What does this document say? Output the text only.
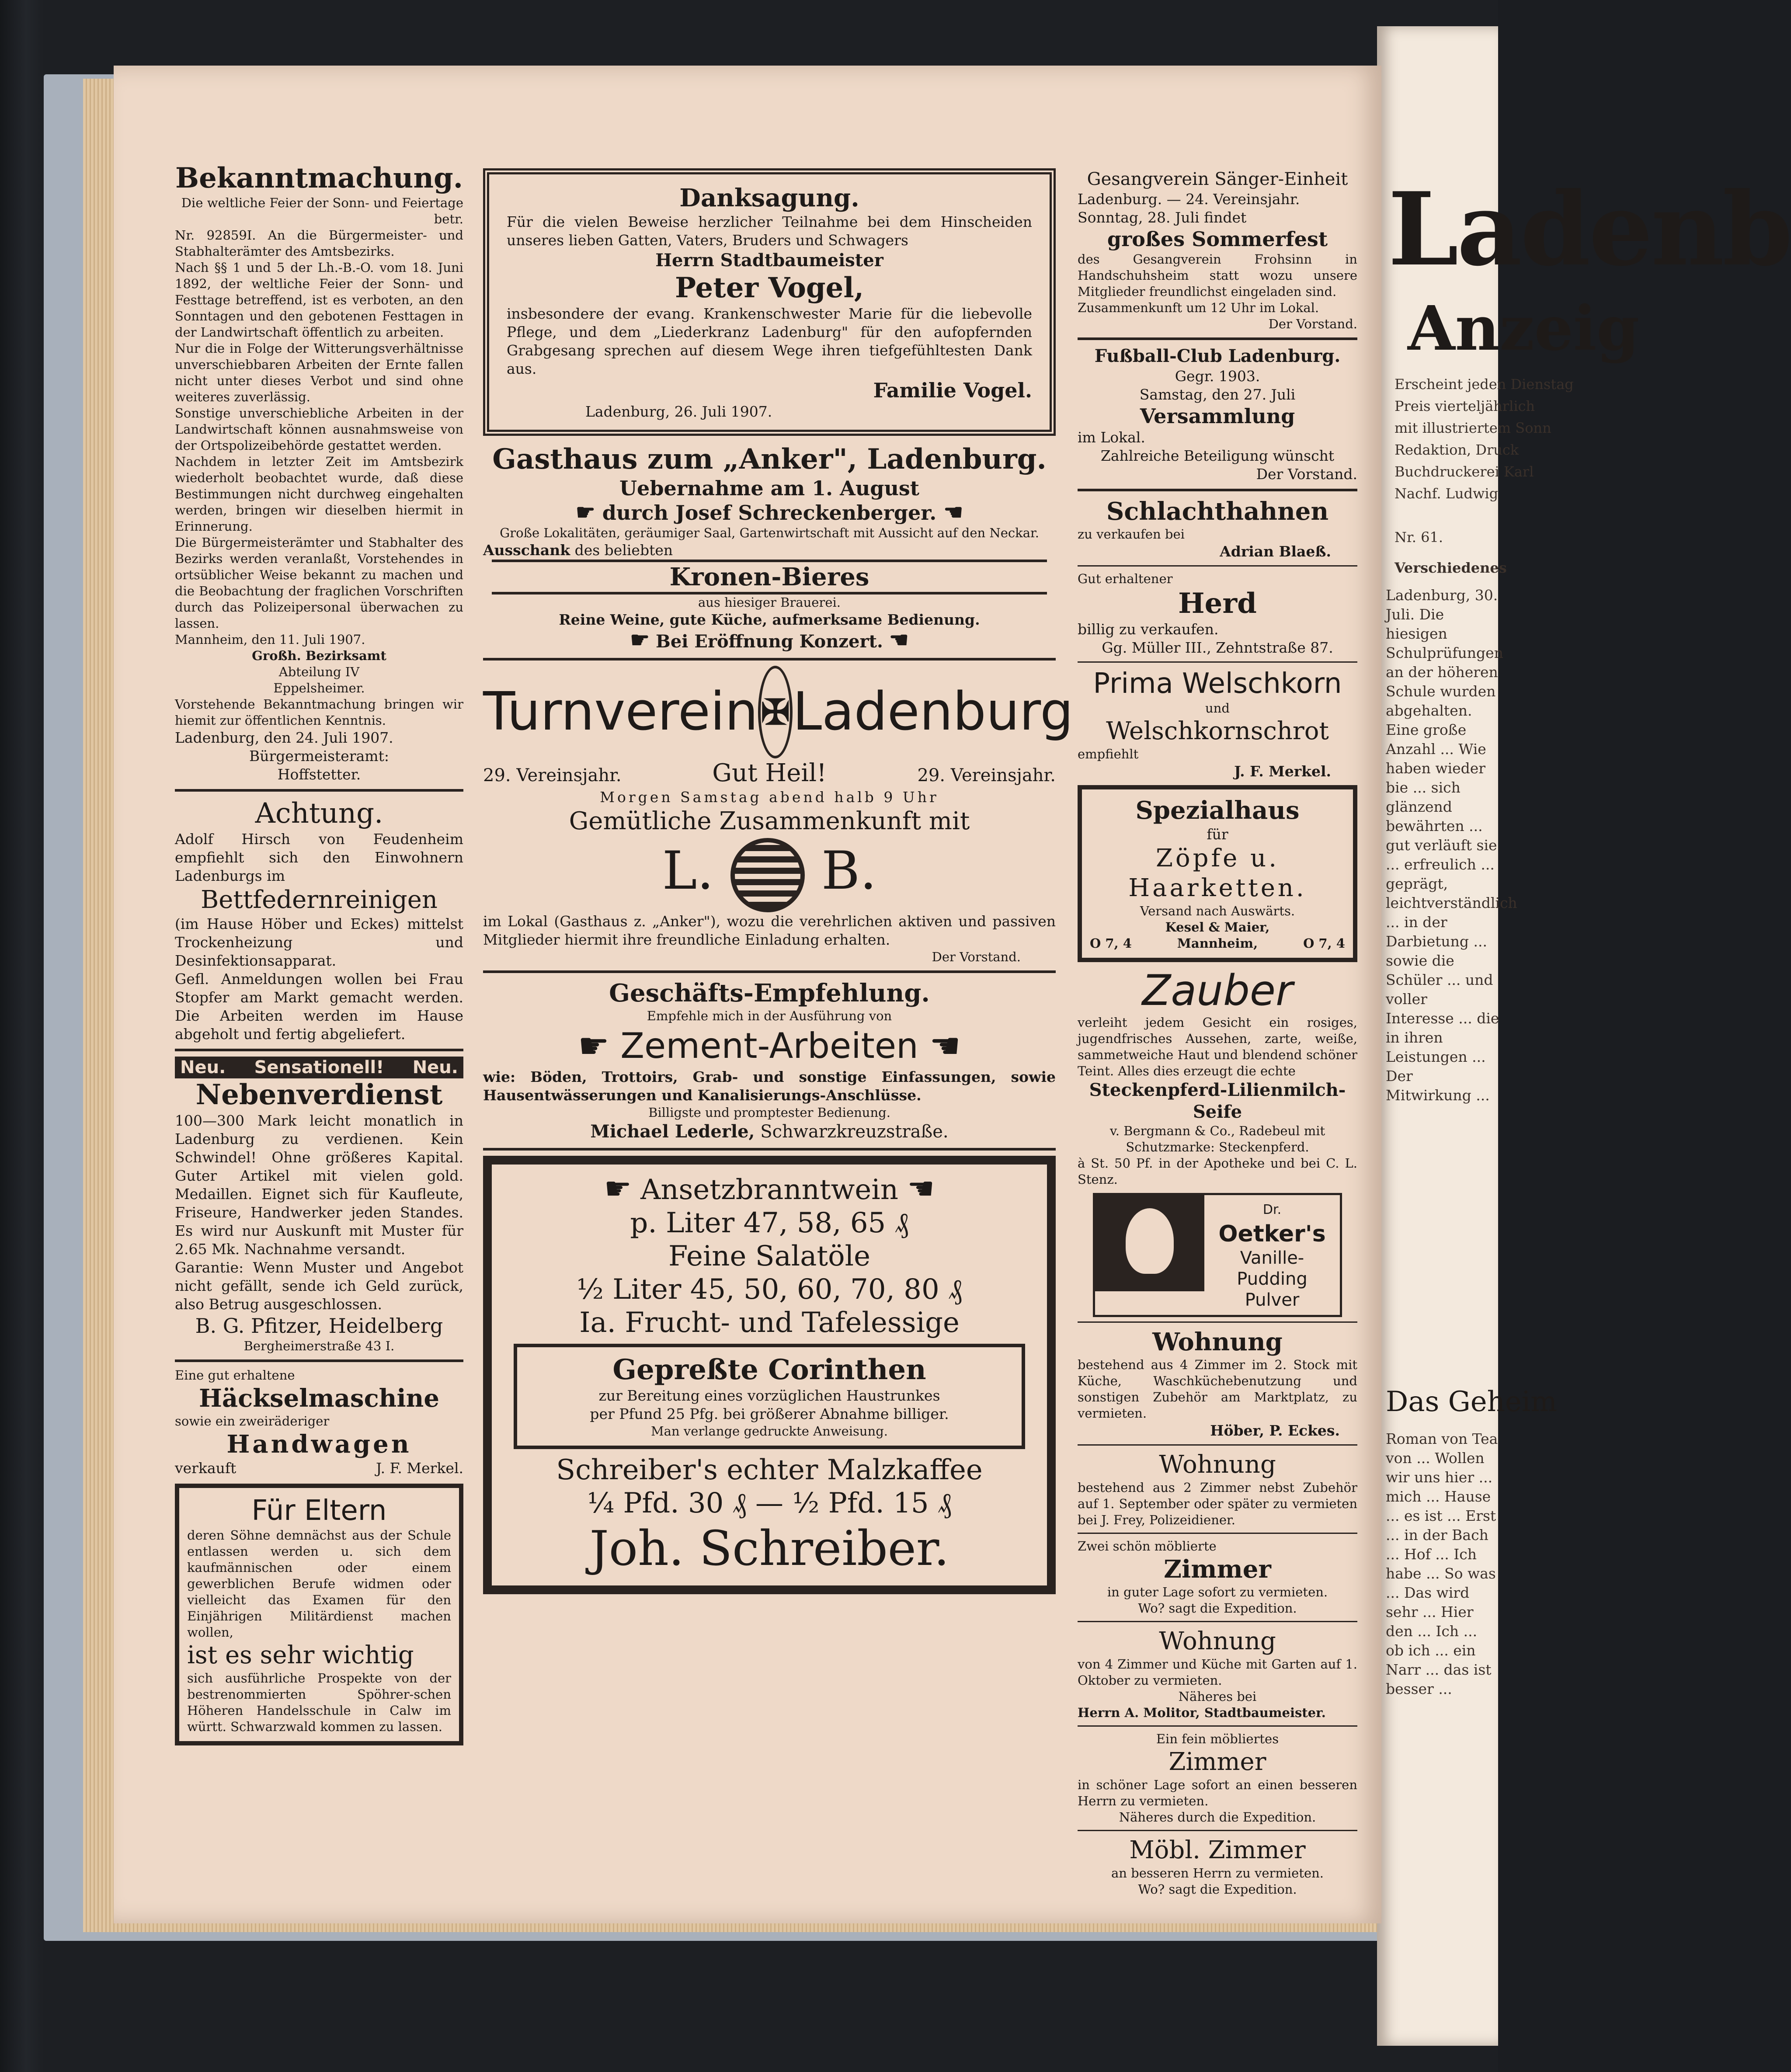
Ladenb
Anzeig
Erscheint jeden Dienstag
Preis vierteljährlich
mit illustriertem Sonn
Redaktion, Druck
Buchdruckerei Karl
Nachf. Ludwig
Nr. 61.
Verschiedenes
Ladenburg, 30. Juli. Die hiesigen Schulprüfungen an der höheren Schule wurden abgehalten. Eine große Anzahl ... Wie haben wieder bie ... sich glänzend bewährten ... gut verläuft sie ... erfreulich ... geprägt, leichtverständlich ... in der Darbietung ... sowie die Schüler ... und voller Interesse ... die in ihren Leistungen ... Der Mitwirkung ...
Das Geheim
Roman von Tea von ... Wollen wir uns hier ... mich ... Hause ... es ist ... Erst ... in der Bach ... Hof ... Ich habe ... So was ... Das wird sehr ... Hier den ... Ich ... ob ich ... ein Narr ... das ist besser ...
Bekanntmachung.
Die weltliche Feier der Sonn- und Feiertage betr.
Nr. 92859I. An die Bürgermeister- und Stabhalterämter des Amtsbezirks.
Nach §§ 1 und 5 der Lh.-B.-O. vom 18. Juni 1892, der weltliche Feier der Sonn- und Festtage betreffend, ist es verboten, an den Sonntagen und den gebotenen Festtagen in der Landwirtschaft öffentlich zu arbeiten.
Nur die in Folge der Witterungsverhältnisse unverschiebbaren Arbeiten der Ernte fallen nicht unter dieses Verbot und sind ohne weiteres zuverlässig.
Sonstige unverschiebliche Arbeiten in der Landwirtschaft können ausnahmsweise von der Ortspolizeibehörde gestattet werden.
Nachdem in letzter Zeit im Amtsbezirk wiederholt beobachtet wurde, daß diese Bestimmungen nicht durchweg eingehalten werden, bringen wir dieselben hiermit in Erinnerung.
Die Bürgermeisterämter und Stabhalter des Bezirks werden veranlaßt, Vorstehendes in ortsüblicher Weise bekannt zu machen und die Beobachtung der fraglichen Vorschriften durch das Polizeipersonal überwachen zu lassen.
Mannheim, den 11. Juli 1907.
Großh. Bezirksamt
Abteilung IV
Eppelsheimer.
Vorstehende Bekanntmachung bringen wir hiemit zur öffentlichen Kenntnis.
Ladenburg, den 24. Juli 1907.
Bürgermeisteramt:
Hoffstetter.
Achtung.
Adolf Hirsch von Feudenheim empfiehlt sich den Einwohnern Ladenburgs im
Bettfedernreinigen
(im Hause Höber und Eckes) mittelst Trockenheizung und Desinfektionsapparat.
Gefl. Anmeldungen wollen bei Frau Stopfer am Markt gemacht werden. Die Arbeiten werden im Hause abgeholt und fertig abgeliefert.
Neu. Sensationell! Neu.
Nebenverdienst
100—300 Mark leicht monatlich in Ladenburg zu verdienen. Kein Schwindel! Ohne größeres Kapital. Guter Artikel mit vielen gold. Medaillen. Eignet sich für Kaufleute, Friseure, Handwerker jeden Standes. Es wird nur Auskunft mit Muster für 2.65 Mk. Nachnahme versandt.
Garantie: Wenn Muster und Angebot nicht gefällt, sende ich Geld zurück, also Betrug ausgeschlossen.
B. G. Pfitzer, Heidelberg
Bergheimerstraße 43 I.
Eine gut erhaltene
Häckselmaschine
sowie ein zweiräderiger
Handwagen
verkauft	J. F. Merkel.
Für Eltern
deren Söhne demnächst aus der Schule entlassen werden u. sich dem kaufmännischen oder einem gewerblichen Berufe widmen oder vielleicht das Examen für den Einjährigen Militärdienst machen wollen,
ist es sehr wichtig
sich ausführliche Prospekte von der bestrenommierten Spöhrer-schen Höheren Handelsschule in Calw im württ. Schwarzwald kommen zu lassen.
Danksagung.
Für die vielen Beweise herzlicher Teilnahme bei dem Hinscheiden unseres lieben Gatten, Vaters, Bruders und Schwagers
Herrn Stadtbaumeister
Peter Vogel,
insbesondere der evang. Krankenschwester Marie für die liebevolle Pflege, und dem „Liederkranz Ladenburg" für den aufopfernden Grabgesang sprechen auf diesem Wege ihren tiefgefühltesten Dank aus.
Familie Vogel.
Ladenburg, 26. Juli 1907.
Gasthaus zum „Anker", Ladenburg.
Uebernahme am 1. August
☛ durch Josef Schreckenberger. ☚
Große Lokalitäten, geräumiger Saal, Gartenwirtschaft mit Aussicht auf den Neckar.
Ausschank des beliebten
Kronen-Bieres
aus hiesiger Brauerei.
Reine Weine, gute Küche, aufmerksame Bedienung.
☛ Bei Eröffnung Konzert. ☚
Turnverein ✠ Ladenburg
29. Vereinsjahr.	Gut Heil!	29. Vereinsjahr.
Morgen Samstag abend halb 9 Uhr
Gemütliche Zusammenkunft mit
L. B.
im Lokal (Gasthaus z. „Anker"), wozu die verehrlichen aktiven und passiven Mitglieder hiermit ihre freundliche Einladung erhalten.
Der Vorstand.
Geschäfts-Empfehlung.
Empfehle mich in der Ausführung von
☛ Zement-Arbeiten ☚
wie: Böden, Trottoirs, Grab- und sonstige Einfassungen, sowie Hausentwässerungen und Kanalisierungs-Anschlüsse.
Billigste und promptester Bedienung.
Michael Lederle, Schwarzkreuzstraße.
☛ Ansetzbranntwein ☚
p. Liter 47, 58, 65 ₰
Feine Salatöle
½ Liter 45, 50, 60, 70, 80 ₰
Ia. Frucht- und Tafelessige
Gepreßte Corinthen
zur Bereitung eines vorzüglichen Haustrunkes
per Pfund 25 Pfg. bei größerer Abnahme billiger.
Man verlange gedruckte Anweisung.
Schreiber's echter Malzkaffee
¼ Pfd. 30 ₰ — ½ Pfd. 15 ₰
Joh. Schreiber.
Gesangverein Sänger-Einheit
Ladenburg. — 24. Vereinsjahr.
Sonntag, 28. Juli findet
großes Sommerfest
des Gesangverein Frohsinn in Handschuhsheim statt wozu unsere Mitglieder freundlichst eingeladen sind.
Zusammenkunft um 12 Uhr im Lokal.
Der Vorstand.
Fußball-Club Ladenburg.
Gegr. 1903.
Samstag, den 27. Juli
Versammlung
im Lokal.
Zahlreiche Beteiligung wünscht
Der Vorstand.
Schlachthahnen
zu verkaufen bei
Adrian Blaeß.
Gut erhaltener
Herd
billig zu verkaufen.
Gg. Müller III., Zehntstraße 87.
Prima Welschkorn
und
Welschkornschrot
empfiehlt
J. F. Merkel.
Spezialhaus
für
Zöpfe u. Haarketten.
Versand nach Auswärts.
Kesel & Maier,
O 7, 4	Mannheim,	O 7, 4
Zauber
verleiht jedem Gesicht ein rosiges, jugendfrisches Aussehen, zarte, weiße, sammetweiche Haut und blendend schöner Teint. Alles dies erzeugt die echte
Steckenpferd-Lilienmilch-Seife
v. Bergmann & Co., Radebeul mit Schutzmarke: Steckenpferd.
à St. 50 Pf. in der Apotheke und bei C. L. Stenz.
Dr.
Oetker's
Vanille-Pudding Pulver
Wohnung
bestehend aus 4 Zimmer im 2. Stock mit Küche, Waschküchebenutzung und sonstigen Zubehör am Marktplatz, zu vermieten.
Höber, P. Eckes.
Wohnung
bestehend aus 2 Zimmer nebst Zubehör auf 1. September oder später zu vermieten bei J. Frey, Polizeidiener.
Zwei schön möblierte
Zimmer
in guter Lage sofort zu vermieten.
Wo? sagt die Expedition.
Wohnung
von 4 Zimmer und Küche mit Garten auf 1. Oktober zu vermieten.
Näheres bei
Herrn A. Molitor, Stadtbaumeister.
Ein fein möbliertes
Zimmer
in schöner Lage sofort an einen besseren Herrn zu vermieten.
Näheres durch die Expedition.
Möbl. Zimmer
an besseren Herrn zu vermieten.
Wo? sagt die Expedition.
